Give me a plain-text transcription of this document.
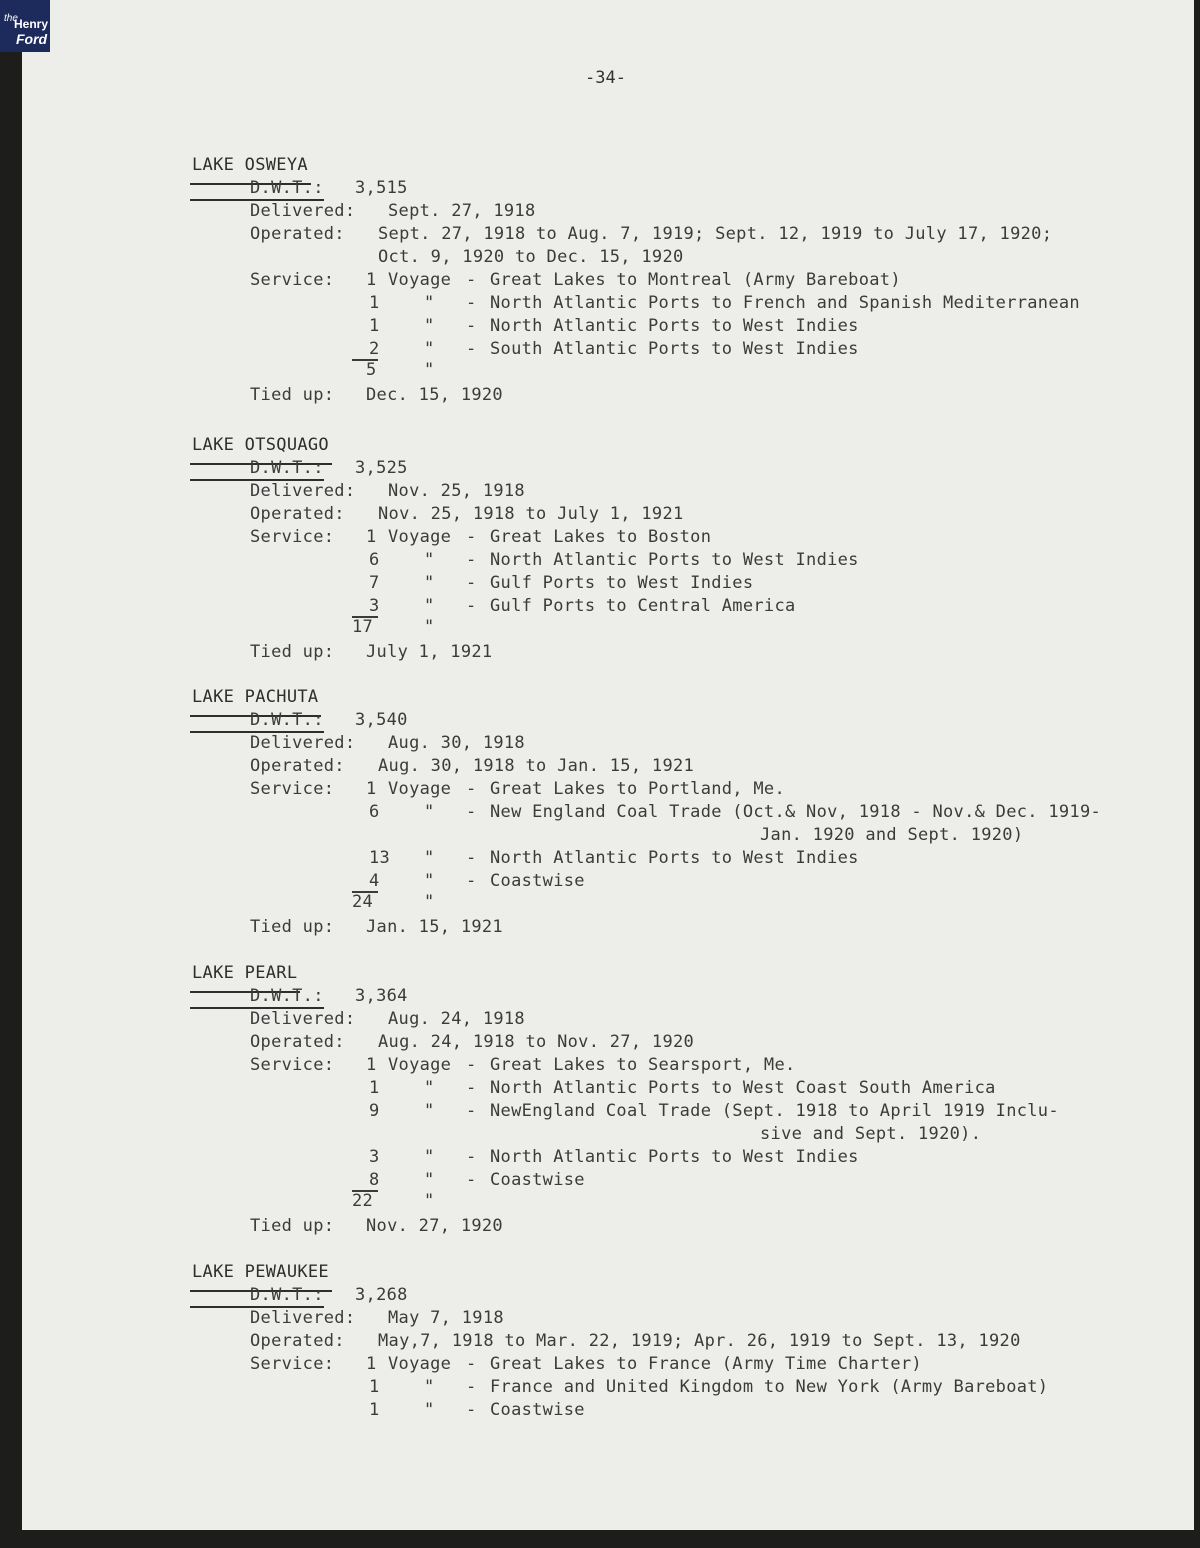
the
Henry
Ford
-34-
LAKE OSWEYA
D.W.T.: 3,515
Delivered: Sept. 27, 1918
Operated: Sept. 27, 1918 to Aug. 7, 1919; Sept. 12, 1919 to July 17, 1920;
Oct. 9, 1920 to Dec. 15, 1920
Service: 1 Voyage - Great Lakes to Montreal (Army Bareboat)
1	" - North Atlantic Ports to French and Spanish Mediterranean
1	" - North Atlantic Ports to West Indies
2	" - South Atlantic Ports to West Indies
5	"
Tied up: Dec. 15, 1920
LAKE OTSQUAGO
D.W.T.: 3,525
Delivered: Nov. 25, 1918
Operated: Nov. 25, 1918 to July 1, 1921
Service: 1 Voyage - Great Lakes to Boston
6	" - North Atlantic Ports to West Indies
7	" - Gulf Ports to West Indies
3	" - Gulf Ports to Central America
17	"
Tied up: July 1, 1921
LAKE PACHUTA
D.W.T.: 3,540
Delivered: Aug. 30, 1918
Operated: Aug. 30, 1918 to Jan. 15, 1921
Service: 1 Voyage - Great Lakes to Portland, Me.
6	" - New England Coal Trade (Oct.& Nov, 1918 - Nov.& Dec. 1919-
Jan. 1920 and Sept. 1920)
13 " - North Atlantic Ports to West Indies
4	" - Coastwise
24	"
Tied up: Jan. 15, 1921
LAKE PEARL
D.W.T.: 3,364
Delivered: Aug. 24, 1918
Operated: Aug. 24, 1918 to Nov. 27, 1920
Service: 1 Voyage - Great Lakes to Searsport, Me.
1	" - North Atlantic Ports to West Coast South America
9	" - NewEngland Coal Trade (Sept. 1918 to April 1919 Inclu-
sive and Sept. 1920).
3	" - North Atlantic Ports to West Indies
8	" - Coastwise
22	"
Tied up: Nov. 27, 1920
LAKE PEWAUKEE
D.W.T.: 3,268
Delivered: May 7, 1918
Operated: May,7, 1918 to Mar. 22, 1919; Apr. 26, 1919 to Sept. 13, 1920
Service: 1 Voyage - Great Lakes to France (Army Time Charter)
1	" - France and United Kingdom to New York (Army Bareboat)
1	" - Coastwise
